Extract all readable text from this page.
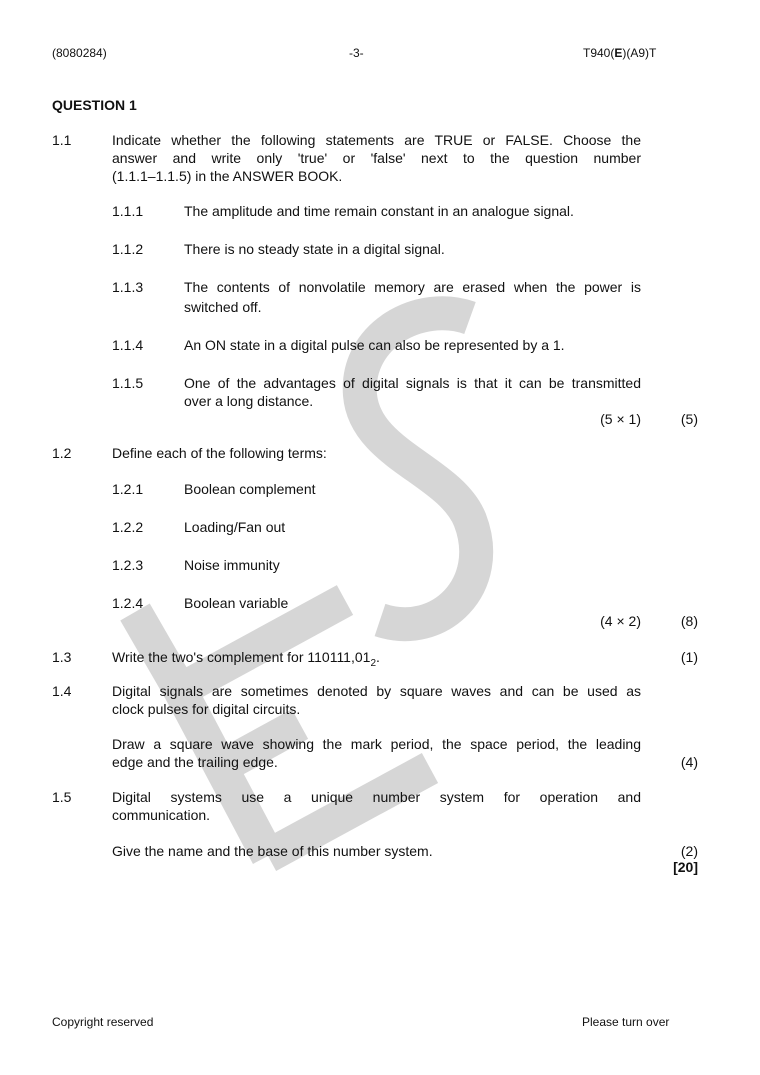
(8080284)	-3-	T940(E)(A9)T
QUESTION 1
1.1	Indicate whether the following statements are TRUE or FALSE. Choose the
answer and write only 'true' or 'false' next to the question number
(1.1.1–1.1.5) in the ANSWER BOOK.
1.1.1	The amplitude and time remain constant in an analogue signal.
1.1.2	There is no steady state in a digital signal.
1.1.3	The contents of nonvolatile memory are erased when the power is
switched off.
1.1.4	An ON state in a digital pulse can also be represented by a 1.
1.1.5	One of the advantages of digital signals is that it can be transmitted
over a long distance.
(5 × 1)	(5)
1.2	Define each of the following terms:
1.2.1	Boolean complement
1.2.2	Loading/Fan out
1.2.3	Noise immunity
1.2.4	Boolean variable
(4 × 2)	(8)
1.3	Write the two's complement for $110111,01_2$.	(1)
1.4	Digital signals are sometimes denoted by square waves and can be used as
clock pulses for digital circuits.
Draw a square wave showing the mark period, the space period, the leading
edge and the trailing edge.	(4)
1.5	Digital systems use a unique number system for operation and
communication.
Give the name and the base of this number system.	(2)
[20]
Copyright reserved	Please turn over
